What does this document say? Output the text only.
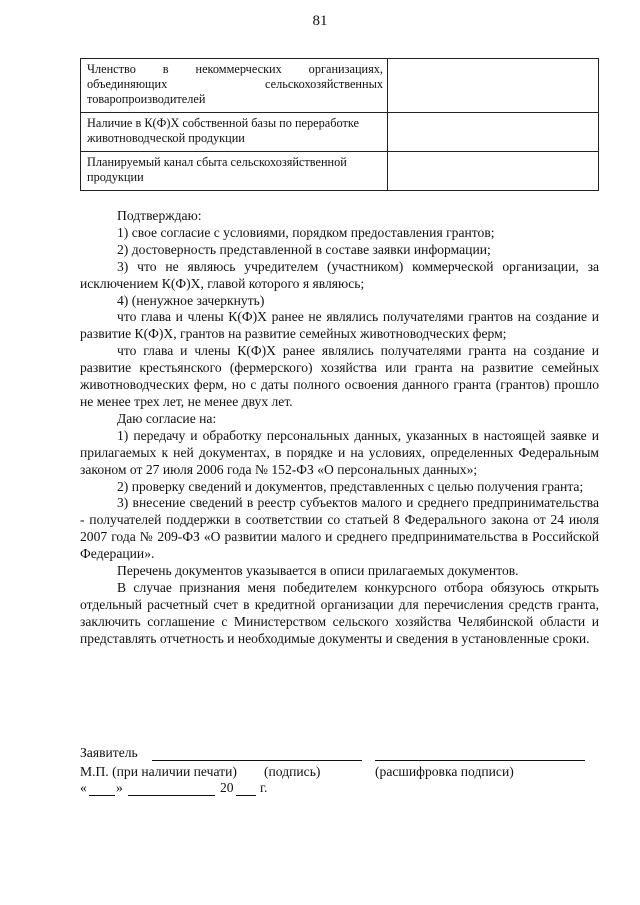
81
Членство в некоммерческих организациях, объединяющих сельскохозяйственных товаропроизводителей	
Наличие в К(Ф)Х собственной базы по переработке животноводческой продукции	
Планируемый канал сбыта сельскохозяйственной продукции	

Подтверждаю:

1) свое согласие с условиями, порядком предоставления грантов;

2) достоверность представленной в составе заявки информации;

3) что не являюсь учредителем (участником) коммерческой организации, за исключением К(Ф)Х, главой которого я являюсь;

4) (ненужное зачеркнуть)

что глава и члены К(Ф)Х ранее не являлись получателями грантов на создание и развитие К(Ф)Х, грантов на развитие семейных животноводческих ферм;

что глава и члены К(Ф)Х ранее являлись получателями гранта на создание и развитие крестьянского (фермерского) хозяйства или гранта на развитие семейных животноводческих ферм, но с даты полного освоения данного гранта (грантов) прошло не менее трех лет, не менее двух лет.

Даю согласие на:

1) передачу и обработку персональных данных, указанных в настоящей заявке и прилагаемых к ней документах, в порядке и на условиях, определенных Федеральным законом от 27 июля 2006 года № 152-ФЗ «О персональных данных»;

2) проверку сведений и документов, представленных с целью получения гранта;

3) внесение сведений в реестр субъектов малого и среднего предпринимательства - получателей поддержки в соответствии со статьей 8 Федерального закона от 24 июля 2007 года № 209-ФЗ «О развитии малого и среднего предпринимательства в Российской Федерации».

Перечень документов указывается в описи прилагаемых документов.

В случае признания меня победителем конкурсного отбора обязуюсь открыть отдельный расчетный счет в кредитной организации для перечисления средств гранта, заключить соглашение с Министерством сельского хозяйства Челябинской области и представлять отчетность и необходимые документы и сведения в установленные сроки.

Заявитель
М.П. (при наличии печати) (подпись)	(расшифровка подписи)
« »	20 г.
